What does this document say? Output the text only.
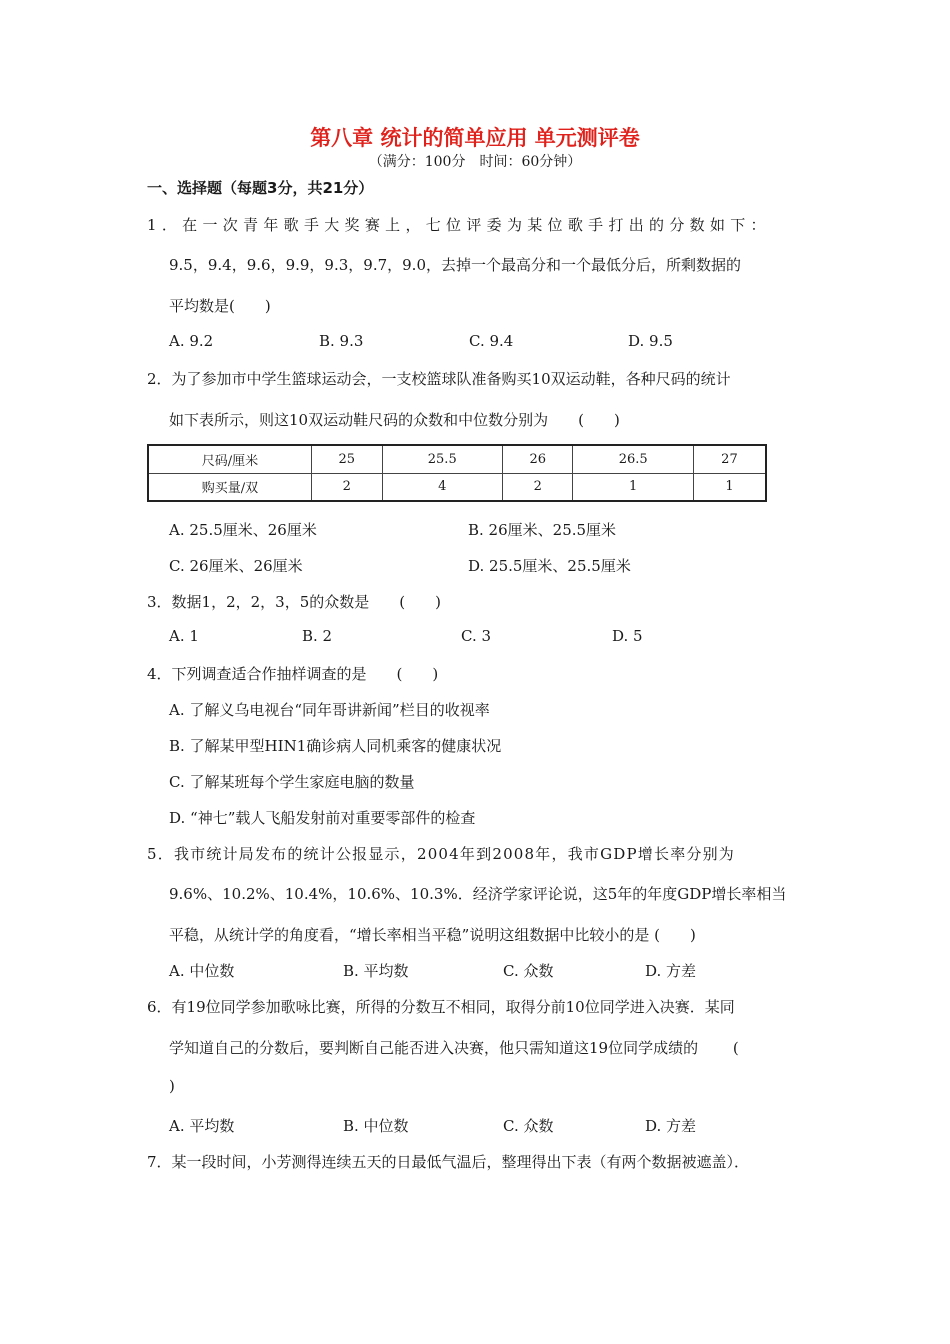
第八章 统计的简单应用 单元测评卷
（满分：100分　时间：60分钟）
一、选择题（每题3分，共21分）
1．在一次青年歌手大奖赛上，七位评委为某位歌手打出的分数如下：
9.5，9.4，9.6，9.9，9.3，9.7，9.0，去掉一个最高分和一个最低分后，所剩数据的
平均数是(　　)
A. 9.2	B. 9.3	C. 9.4	D. 9.5
2．为了参加市中学生篮球运动会，一支校篮球队准备购买10双运动鞋，各种尺码的统计
如下表所示，则这10双运动鞋尺码的众数和中位数分别为　　(　　)
尺码/厘米	25	25.5	26	26.5	27
购买量/双	2	4	2	1	1
A. 25.5厘米、26厘米	B. 26厘米、25.5厘米
C. 26厘米、26厘米	D. 25.5厘米、25.5厘米
3．数据1，2，2，3，5的众数是　　(　　)
A. 1	B. 2	C. 3	D. 5
4．下列调查适合作抽样调查的是　　(　　)
A. 了解义乌电视台“同年哥讲新闻”栏目的收视率
B. 了解某甲型HIN1确诊病人同机乘客的健康状况
C. 了解某班每个学生家庭电脑的数量
D. “神七”载人飞船发射前对重要零部件的检查
5．我市统计局发布的统计公报显示，2004年到2008年，我市GDP增长率分别为
9.6%、10.2%、10.4%，10.6%、10.3%．经济学家评论说，这5年的年度GDP增长率相当
平稳，从统计学的角度看，“增长率相当平稳”说明这组数据中比较小的是 (　　)
A. 中位数	B. 平均数	C. 众数	D. 方差
6．有19位同学参加歌咏比赛，所得的分数互不相同，取得分前10位同学进入决赛．某同
学知道自己的分数后，要判断自己能否进入决赛，他只需知道这19位同学成绩的　　 (
)
A. 平均数	B. 中位数	C. 众数	D. 方差
7．某一段时间，小芳测得连续五天的日最低气温后，整理得出下表（有两个数据被遮盖）．
